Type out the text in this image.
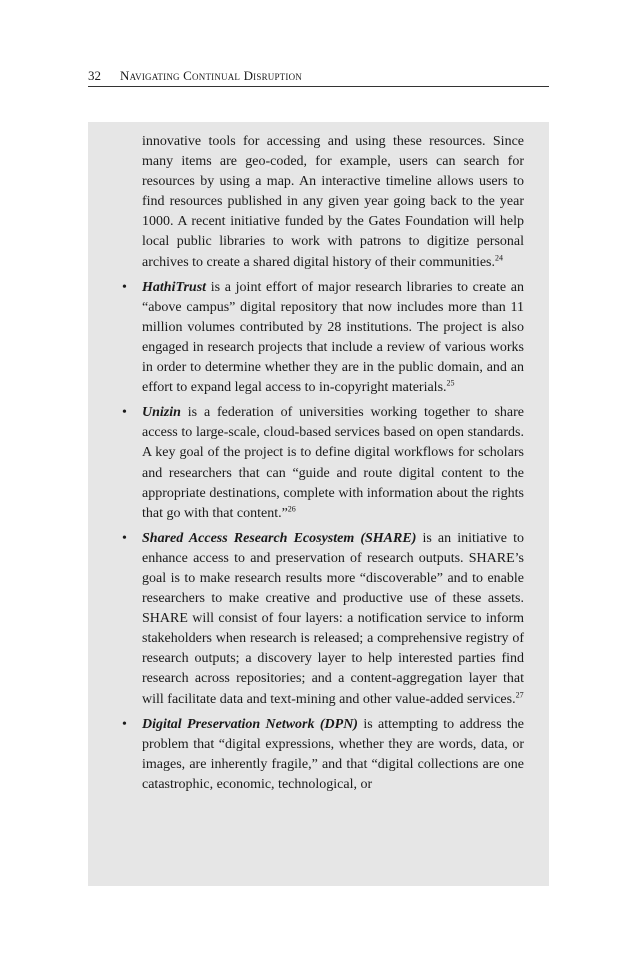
32 Navigating Continual Disruption

innovative tools for accessing and using these resources. Since many items are geo-coded, for example, users can search for resources by using a map. An interactive timeline allows users to find resources published in any given year going back to the year 1000. A recent initiative funded by the Gates Foundation will help local public libraries to work with patrons to digitize personal archives to create a shared digital history of their communities.$^{24}$

• HathiTrust is a joint effort of major research libraries to create an “above campus” digital repository that now includes more than 11 million volumes contributed by 28 institutions. The project is also engaged in research projects that include a review of various works in order to determine whether they are in the public domain, and an effort to expand legal access to in-copyright materials.$^{25}$

• Unizin is a federation of universities working together to share access to large-scale, cloud-based services based on open standards. A key goal of the project is to define digital workflows for scholars and researchers that can “guide and route digital content to the appropriate destinations, complete with information about the rights that go with that content.”$^{26}$

• Shared Access Research Ecosystem (SHARE) is an initiative to enhance access to and preservation of research outputs. SHARE’s goal is to make research results more “discoverable” and to enable researchers to make creative and productive use of these assets. SHARE will consist of four layers: a notification service to inform stakeholders when research is released; a comprehensive registry of research outputs; a discovery layer to help interested parties find research across repositories; and a content-aggregation layer that will facilitate data and text-mining and other value-added services.$^{27}$

• Digital Preservation Network (DPN) is attempting to address the problem that “digital expressions, whether they are words, data, or images, are inherently fragile,” and that “digital collections are one catastrophic, economic, technological, or
